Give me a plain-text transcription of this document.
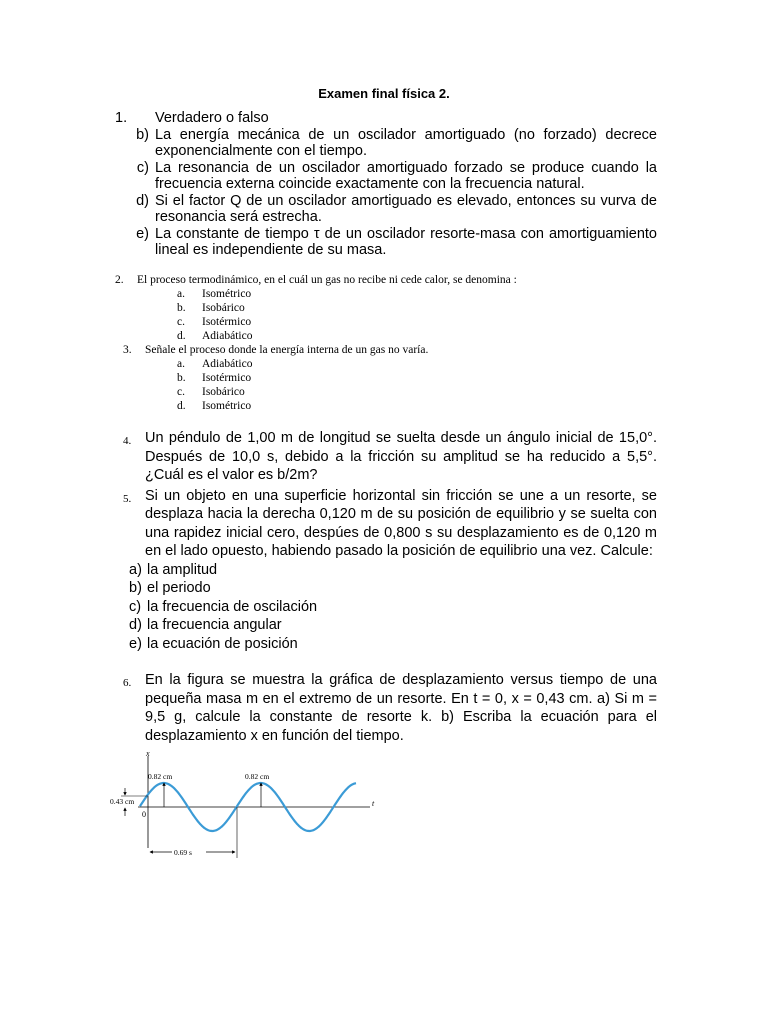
Examen final física 2.
1.	Verdadero o falso
b) La energía mecánica de un oscilador amortiguado (no forzado) decrece exponencialmente con el tiempo.
c) La resonancia de un oscilador amortiguado forzado se produce cuando la frecuencia externa coincide exactamente con la frecuencia natural.
d) Si el factor Q de un oscilador amortiguado es elevado, entonces su vurva de resonancia será estrecha.
e) La constante de tiempo τ de un oscilador resorte-masa con amortiguamiento lineal es independiente de su masa.
2.	El proceso termodinámico, en el cuál un gas no recibe ni cede calor, se denomina :
a.	Isométrico
b.	Isobárico
c.	Isotérmico
d.	Adiabático
3.	Señale el proceso donde la energía interna de un gas no varía.
a.	Adiabático
b.	Isotérmico
c.	Isobárico
d.	Isométrico
4. Un péndulo de 1,00 m de longitud se suelta desde un ángulo inicial de 15,0°. Después de 10,0 s, debido a la fricción su amplitud se ha reducido a 5,5°. ¿Cuál es el valor es b/2m?
5. Si un objeto en una superficie horizontal sin fricción se une a un resorte, se desplaza hacia la derecha 0,120 m de su posición de equilibrio y se suelta con una rapidez inicial cero, despúes de 0,800 s su desplazamiento es de 0,120 m en el lado opuesto, habiendo pasado la posición de equilibrio una vez. Calcule:
a) la amplitud
b) el periodo
c) la frecuencia de oscilación
d) la frecuencia angular
e) la ecuación de posición
6. En la figura se muestra la gráfica de desplazamiento versus tiempo de una pequeña masa m en el extremo de un resorte. En t = 0, x = 0,43 cm. a) Si m = 9,5 g, calcule la constante de resorte k. b) Escriba la ecuación para el desplazamiento x en función del tiempo.
x
t
0
0.82 cm	0.82 cm
0.43 cm
0.69 s
